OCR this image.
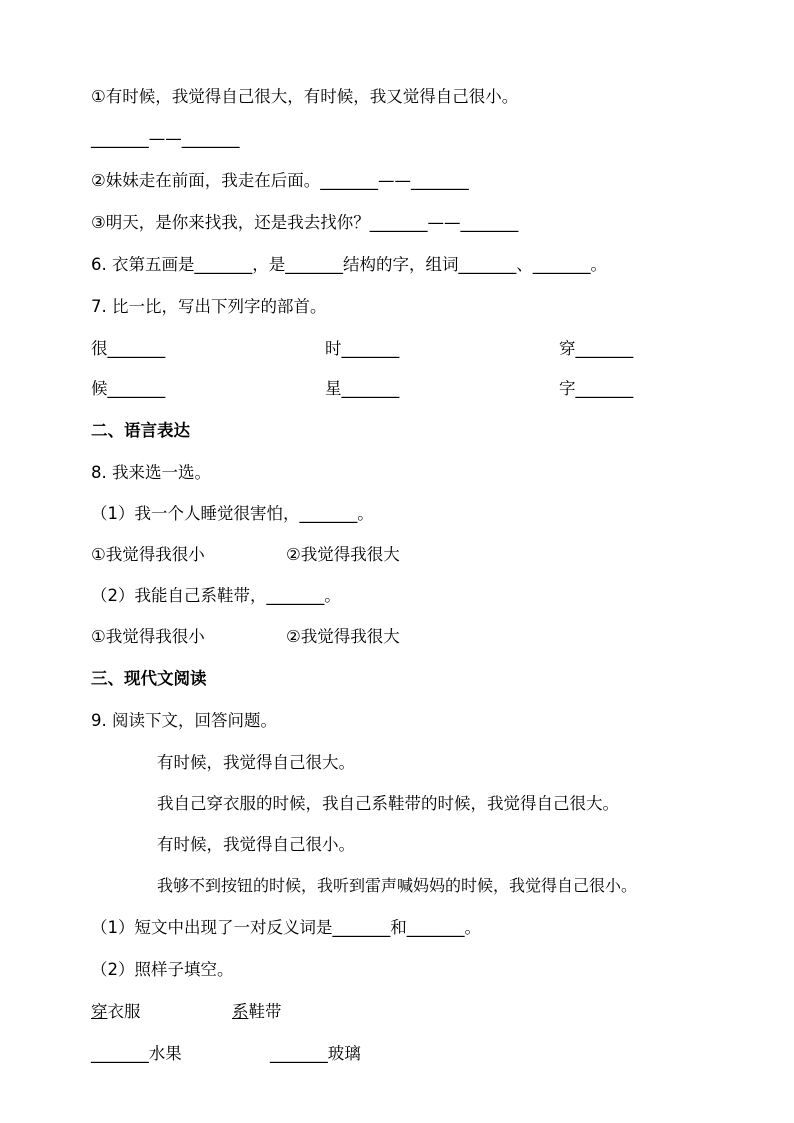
①有时候，我觉得自己很大，有时候，我又觉得自己很小。
_______——_______
②妹妹走在前面，我走在后面。_______——_______
③明天，是你来找我，还是我去找你？_______——_______
6. 衣第五画是_______，是_______结构的字，组词_______、_______。
7. 比一比，写出下列字的部首。
很_______	时_______	穿_______
候_______	星_______	字_______
二、语言表达
8. 我来选一选。
（1）我一个人睡觉很害怕，_______。
①我觉得我很小	②我觉得我很大
（2）我能自己系鞋带，_______。
①我觉得我很小	②我觉得我很大
三、现代文阅读
9. 阅读下文，回答问题。
有时候，我觉得自己很大。
我自己穿衣服的时候，我自己系鞋带的时候，我觉得自己很大。
有时候，我觉得自己很小。
我够不到按钮的时候，我听到雷声喊妈妈的时候，我觉得自己很小。
（1）短文中出现了一对反义词是_______和_______。
（2）照样子填空。
穿衣服	系鞋带
_______水果	_______玻璃
